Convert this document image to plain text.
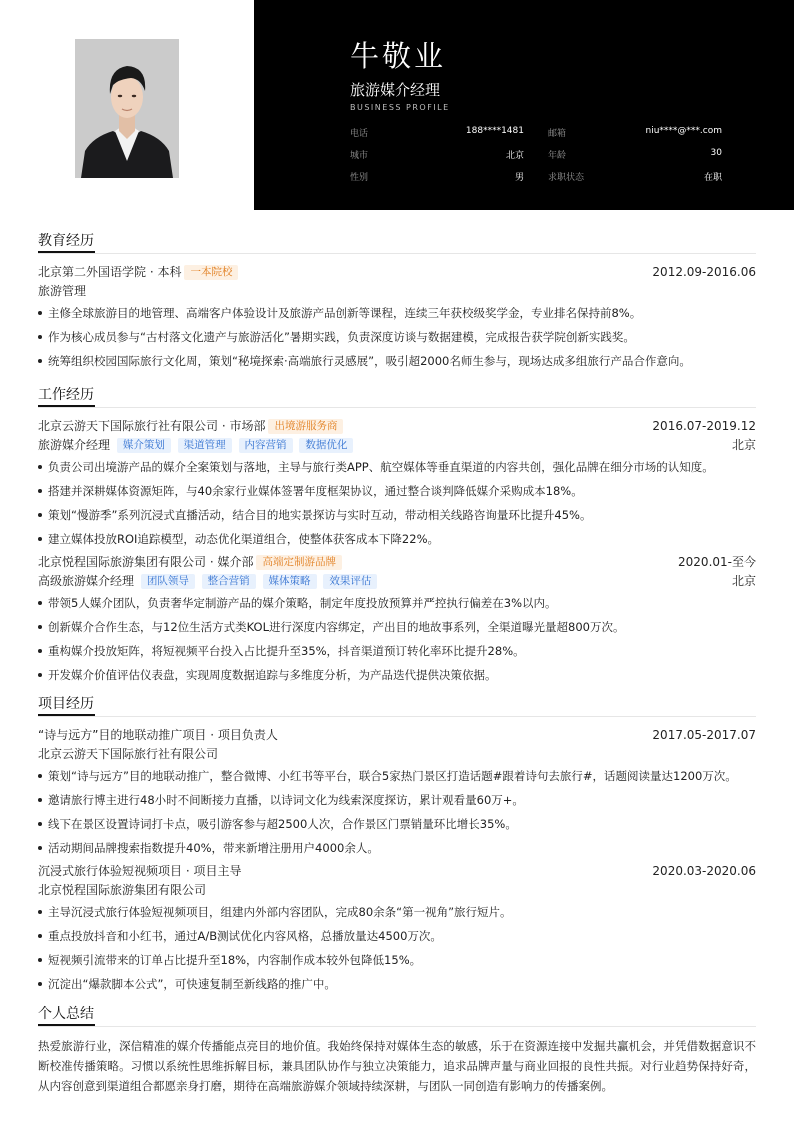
牛敬业
旅游媒介经理
BUSINESS PROFILE
电话	188****1481	邮箱	niu****@***.com
城市	北京	年龄	30
性别	男	求职状态	在职
教育经历
北京第二外国语学院 · 本科 一本院校	2012.09-2016.06
旅游管理
主修全球旅游目的地管理、高端客户体验设计及旅游产品创新等课程，连续三年获校级奖学金，专业排名保持前8%。
作为核心成员参与“古村落文化遗产与旅游活化”暑期实践，负责深度访谈与数据建模，完成报告获学院创新实践奖。
统筹组织校园国际旅行文化周，策划“秘境探索·高端旅行灵感展”，吸引超2000名师生参与，现场达成多组旅行产品合作意向。
工作经历
北京云游天下国际旅行社有限公司 · 市场部 出境游服务商	2016.07-2019.12
旅游媒介经理 媒介策划 渠道管理 内容营销 数据优化	北京
负责公司出境游产品的媒介全案策划与落地，主导与旅行类APP、航空媒体等垂直渠道的内容共创，强化品牌在细分市场的认知度。
搭建并深耕媒体资源矩阵，与40余家行业媒体签署年度框架协议，通过整合谈判降低媒介采购成本18%。
策划“慢游季”系列沉浸式直播活动，结合目的地实景探访与实时互动，带动相关线路咨询量环比提升45%。
建立媒体投放ROI追踪模型，动态优化渠道组合，使整体获客成本下降22%。
北京悦程国际旅游集团有限公司 · 媒介部 高端定制游品牌	2020.01-至今
高级旅游媒介经理 团队领导 整合营销 媒体策略 效果评估	北京
带领5人媒介团队，负责奢华定制游产品的媒介策略，制定年度投放预算并严控执行偏差在3%以内。
创新媒介合作生态，与12位生活方式类KOL进行深度内容绑定，产出目的地故事系列，全渠道曝光量超800万次。
重构媒介投放矩阵，将短视频平台投入占比提升至35%，抖音渠道预订转化率环比提升28%。
开发媒介价值评估仪表盘，实现周度数据追踪与多维度分析，为产品迭代提供决策依据。
项目经历
“诗与远方”目的地联动推广项目 · 项目负责人	2017.05-2017.07
北京云游天下国际旅行社有限公司
策划“诗与远方”目的地联动推广，整合微博、小红书等平台，联合5家热门景区打造话题#跟着诗句去旅行#，话题阅读量达1200万次。
邀请旅行博主进行48小时不间断接力直播，以诗词文化为线索深度探访，累计观看量60万+。
线下在景区设置诗词打卡点，吸引游客参与超2500人次，合作景区门票销量环比增长35%。
活动期间品牌搜索指数提升40%，带来新增注册用户4000余人。
沉浸式旅行体验短视频项目 · 项目主导	2020.03-2020.06
北京悦程国际旅游集团有限公司
主导沉浸式旅行体验短视频项目，组建内外部内容团队，完成80余条“第一视角”旅行短片。
重点投放抖音和小红书，通过A/B测试优化内容风格，总播放量达4500万次。
短视频引流带来的订单占比提升至18%，内容制作成本较外包降低15%。
沉淀出“爆款脚本公式”，可快速复制至新线路的推广中。
个人总结
热爱旅游行业，深信精准的媒介传播能点亮目的地价值。我始终保持对媒体生态的敏感，乐于在资源连接中发掘共赢机会，并凭借数据意识不断校准传播策略。习惯以系统性思维拆解目标，兼具团队协作与独立决策能力，追求品牌声量与商业回报的良性共振。对行业趋势保持好奇，从内容创意到渠道组合都愿亲身打磨，期待在高端旅游媒介领域持续深耕，与团队一同创造有影响力的传播案例。
